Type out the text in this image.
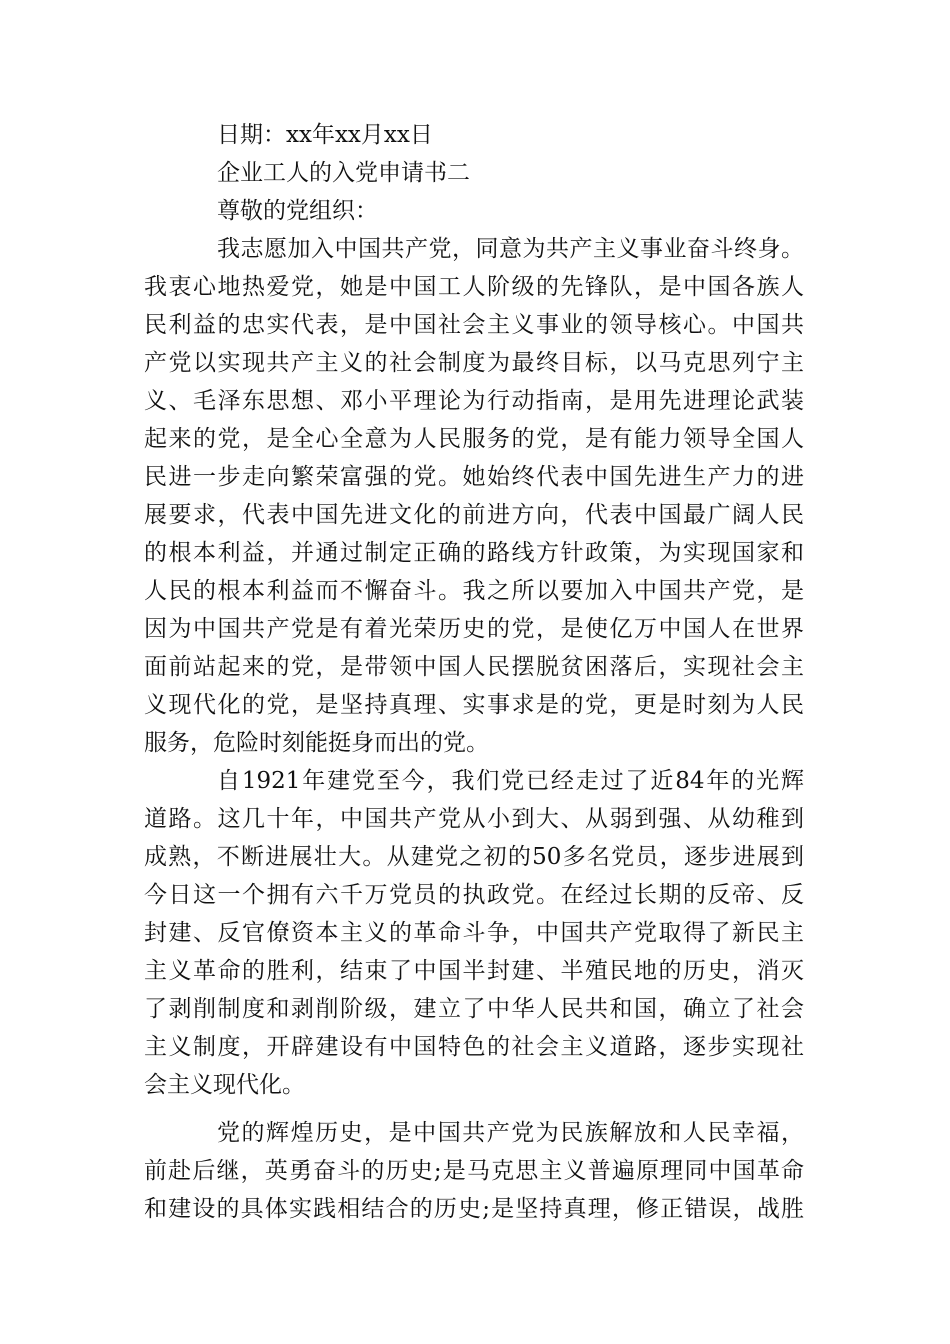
日期：xx年xx月xx日
企业工人的入党申请书二
尊敬的党组织：
我志愿加入中国共产党，同意为共产主义事业奋斗终身。
我衷心地热爱党，她是中国工人阶级的先锋队，是中国各族人
民利益的忠实代表，是中国社会主义事业的领导核心。中国共
产党以实现共产主义的社会制度为最终目标，以马克思列宁主
义、毛泽东思想、邓小平理论为行动指南，是用先进理论武装
起来的党，是全心全意为人民服务的党，是有能力领导全国人
民进一步走向繁荣富强的党。她始终代表中国先进生产力的进
展要求，代表中国先进文化的前进方向，代表中国最广阔人民
的根本利益，并通过制定正确的路线方针政策，为实现国家和
人民的根本利益而不懈奋斗。我之所以要加入中国共产党，是
因为中国共产党是有着光荣历史的党，是使亿万中国人在世界
面前站起来的党，是带领中国人民摆脱贫困落后，实现社会主
义现代化的党，是坚持真理、实事求是的党，更是时刻为人民
服务，危险时刻能挺身而出的党。
自1921年建党至今，我们党已经走过了近84年的光辉
道路。这几十年，中国共产党从小到大、从弱到强、从幼稚到
成熟，不断进展壮大。从建党之初的50多名党员，逐步进展到
今日这一个拥有六千万党员的执政党。在经过长期的反帝、反
封建、反官僚资本主义的革命斗争，中国共产党取得了新民主
主义革命的胜利，结束了中国半封建、半殖民地的历史，消灭
了剥削制度和剥削阶级，建立了中华人民共和国，确立了社会
主义制度，开辟建设有中国特色的社会主义道路，逐步实现社
会主义现代化。
党的辉煌历史，是中国共产党为民族解放和人民幸福，
前赴后继，英勇奋斗的历史;是马克思主义普遍原理同中国革命
和建设的具体实践相结合的历史;是坚持真理，修正错误，战胜
